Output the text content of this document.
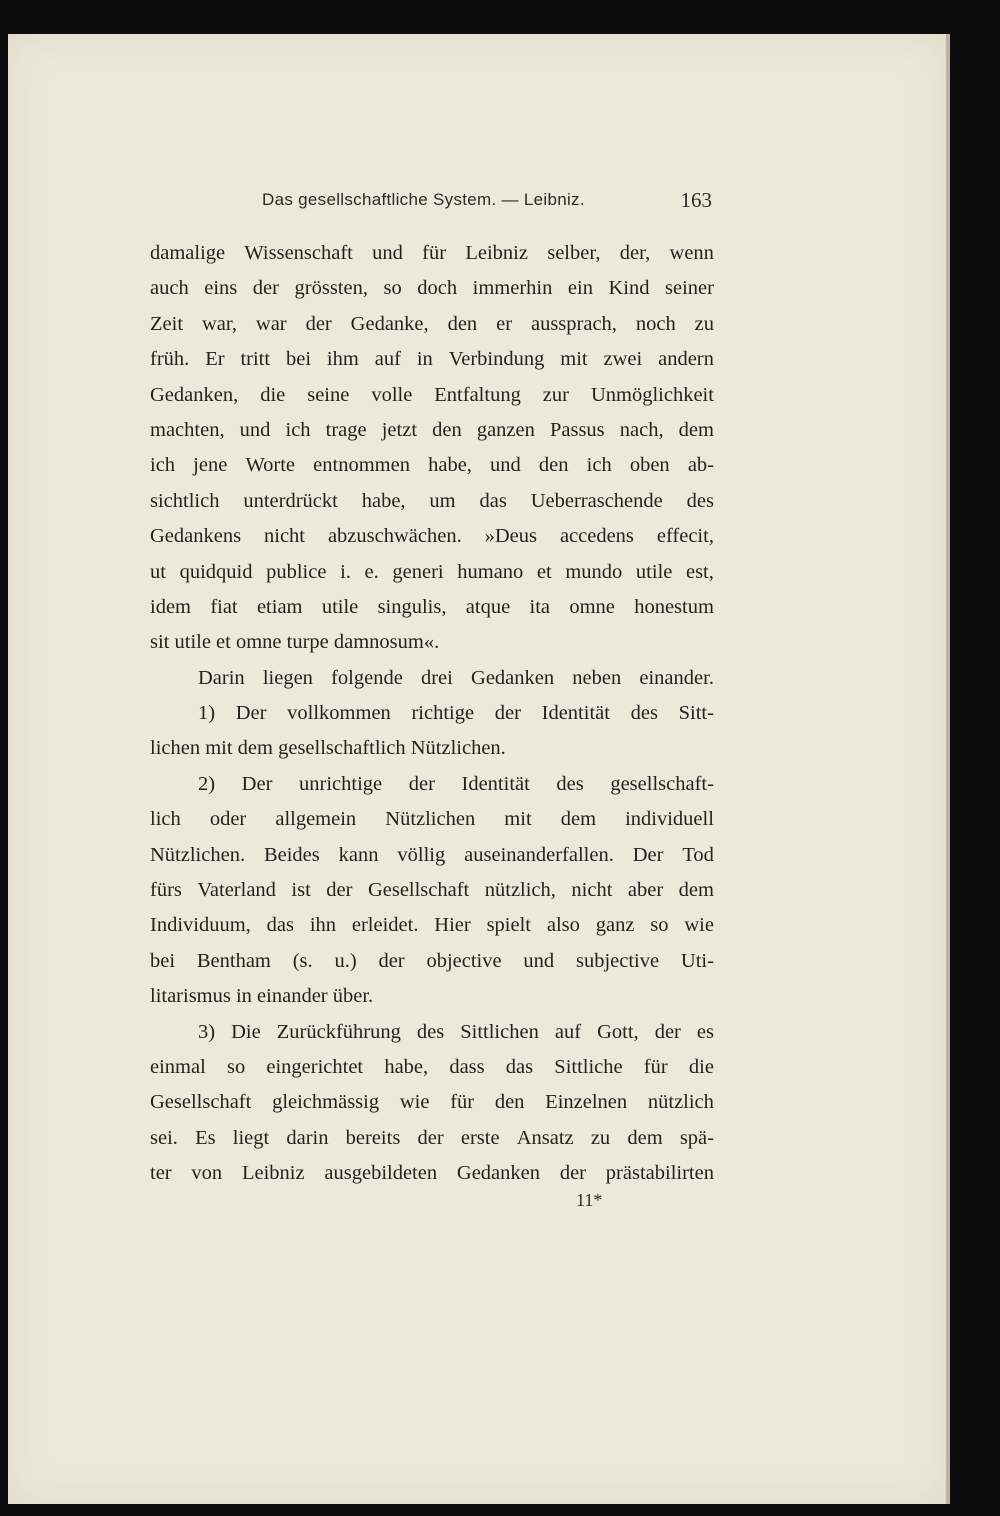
Das gesellschaftliche System. — Leibniz.	163
damalige Wissenschaft und für Leibniz selber, der, wenn
auch eins der grössten, so doch immerhin ein Kind seiner
Zeit war, war der Gedanke, den er aussprach, noch zu
früh. Er tritt bei ihm auf in Verbindung mit zwei andern
Gedanken, die seine volle Entfaltung zur Unmöglichkeit
machten, und ich trage jetzt den ganzen Passus nach, dem
ich jene Worte entnommen habe, und den ich oben ab-
sichtlich unterdrückt habe, um das Ueberraschende des
Gedankens nicht abzuschwächen. »Deus accedens effecit,
ut quidquid publice i. e. generi humano et mundo utile est,
idem fiat etiam utile singulis, atque ita omne honestum
sit utile et omne turpe damnosum«.
Darin liegen folgende drei Gedanken neben einander.
1) Der vollkommen richtige der Identität des Sitt-
lichen mit dem gesellschaftlich Nützlichen.
2) Der unrichtige der Identität des gesellschaft-
lich oder allgemein Nützlichen mit dem individuell
Nützlichen. Beides kann völlig auseinanderfallen. Der Tod
fürs Vaterland ist der Gesellschaft nützlich, nicht aber dem
Individuum, das ihn erleidet. Hier spielt also ganz so wie
bei Bentham (s. u.) der objective und subjective Uti-
litarismus in einander über.
3) Die Zurückführung des Sittlichen auf Gott, der es
einmal so eingerichtet habe, dass das Sittliche für die
Gesellschaft gleichmässig wie für den Einzelnen nützlich
sei. Es liegt darin bereits der erste Ansatz zu dem spä-
ter von Leibniz ausgebildeten Gedanken der prästabilirten
11*
